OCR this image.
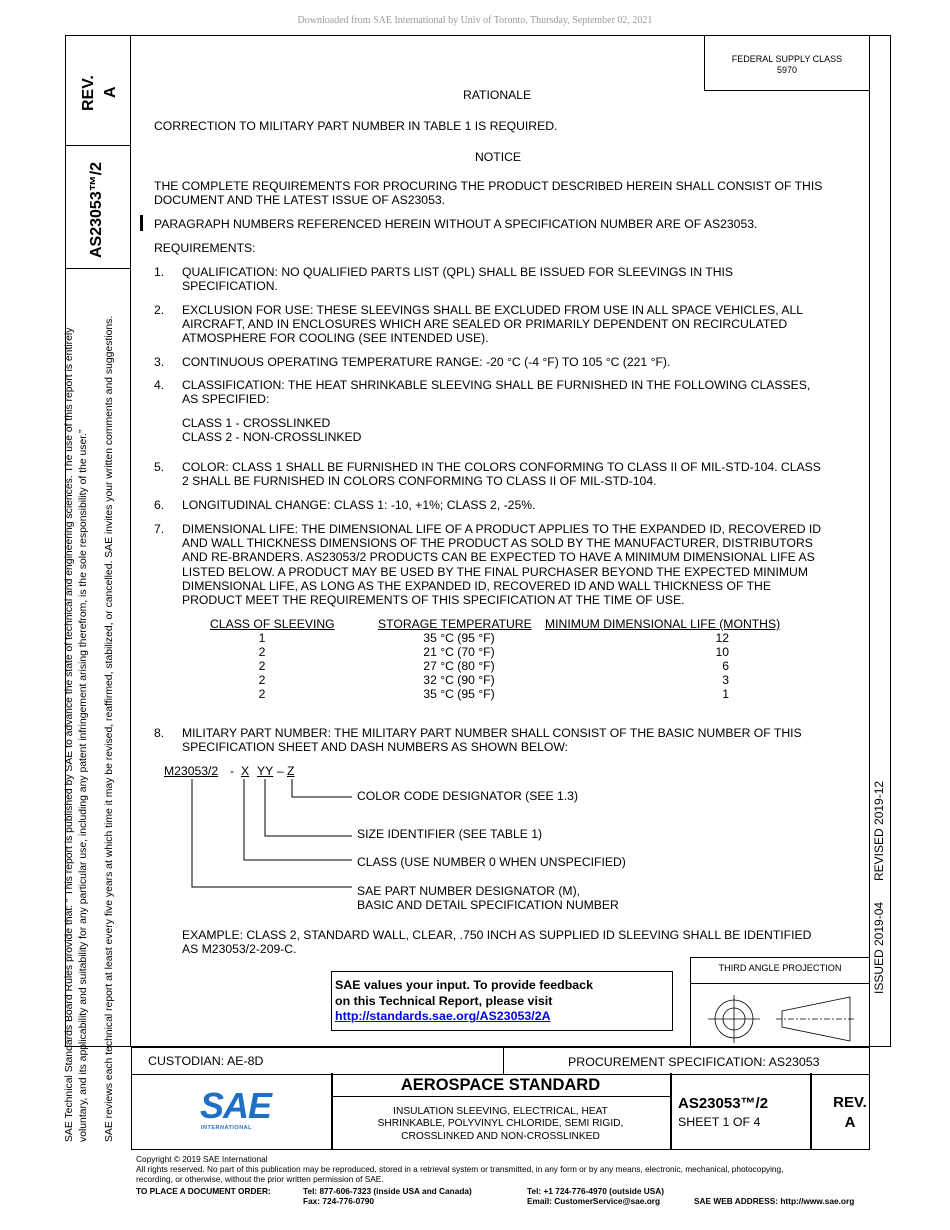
Downloaded from SAE International by Univ of Toronto, Thursday, September 02, 2021
REV. A
AS23053™/2
SAE Technical Standards Board Rules provide that: “ This report is published by SAE to advance the state of technical and engineering sciences. The use of this report is entirely voluntary, and its applicability and suitability for any particular use, including any patent infringement arising therefrom, is the sole responsibility of the user.” SAE reviews each technical report at least every five years at which time it may be revised, reaffirmed, stabilized, or cancelled. SAE invites your written comments and suggestions.	ISSUED 2019-04
REVISED 2019-12
FEDERAL SUPPLY CLASS
5970
RATIONALE
CORRECTION TO MILITARY PART NUMBER IN TABLE 1 IS REQUIRED.
NOTICE
THE COMPLETE REQUIREMENTS FOR PROCURING THE PRODUCT DESCRIBED HEREIN SHALL CONSIST OF THIS
DOCUMENT AND THE LATEST ISSUE OF AS23053.
PARAGRAPH NUMBERS REFERENCED HEREIN WITHOUT A SPECIFICATION NUMBER ARE OF AS23053.
REQUIREMENTS:
1.	QUALIFICATION: NO QUALIFIED PARTS LIST (QPL) SHALL BE ISSUED FOR SLEEVINGS IN THIS
SPECIFICATION.
2.	EXCLUSION FOR USE: THESE SLEEVINGS SHALL BE EXCLUDED FROM USE IN ALL SPACE VEHICLES, ALL
AIRCRAFT, AND IN ENCLOSURES WHICH ARE SEALED OR PRIMARILY DEPENDENT ON RECIRCULATED
ATMOSPHERE FOR COOLING (SEE INTENDED USE).
3.	CONTINUOUS OPERATING TEMPERATURE RANGE: -20 °C (-4 °F) TO 105 °C (221 °F).
4.	CLASSIFICATION: THE HEAT SHRINKABLE SLEEVING SHALL BE FURNISHED IN THE FOLLOWING CLASSES,
AS SPECIFIED:
CLASS 1 - CROSSLINKED
CLASS 2 - NON-CROSSLINKED
5.	COLOR: CLASS 1 SHALL BE FURNISHED IN THE COLORS CONFORMING TO CLASS II OF MIL-STD-104. CLASS
2 SHALL BE FURNISHED IN COLORS CONFORMING TO CLASS II OF MIL-STD-104.
6.	LONGITUDINAL CHANGE: CLASS 1: -10, +1%; CLASS 2, -25%.
7.	DIMENSIONAL LIFE: THE DIMENSIONAL LIFE OF A PRODUCT APPLIES TO THE EXPANDED ID, RECOVERED ID
AND WALL THICKNESS DIMENSIONS OF THE PRODUCT AS SOLD BY THE MANUFACTURER, DISTRIBUTORS
AND RE-BRANDERS. AS23053/2 PRODUCTS CAN BE EXPECTED TO HAVE A MINIMUM DIMENSIONAL LIFE AS
LISTED BELOW. A PRODUCT MAY BE USED BY THE FINAL PURCHASER BEYOND THE EXPECTED MINIMUM
DIMENSIONAL LIFE, AS LONG AS THE EXPANDED ID, RECOVERED ID AND WALL THICKNESS OF THE
PRODUCT MEET THE REQUIREMENTS OF THIS SPECIFICATION AT THE TIME OF USE.
CLASS OF SLEEVING	STORAGE TEMPERATURE	MINIMUM DIMENSIONAL LIFE (MONTHS)
1	35 °C (95 °F)	12
2	21 °C (70 °F)	10
2	27 °C (80 °F)	6
2	32 °C (90 °F)	3
2	35 °C (95 °F)	1
8.	MILITARY PART NUMBER: THE MILITARY PART NUMBER SHALL CONSIST OF THE BASIC NUMBER OF THIS
SPECIFICATION SHEET AND DASH NUMBERS AS SHOWN BELOW:
M23053/2 - X YY – Z
COLOR CODE DESIGNATOR (SEE 1.3)
SIZE IDENTIFIER (SEE TABLE 1)
CLASS (USE NUMBER 0 WHEN UNSPECIFIED)
SAE PART NUMBER DESIGNATOR (M),
BASIC AND DETAIL SPECIFICATION NUMBER
EXAMPLE: CLASS 2, STANDARD WALL, CLEAR, .750 INCH AS SUPPLIED ID SLEEVING SHALL BE IDENTIFIED
AS M23053/2-209-C.
SAE values your input. To provide feedback
on this Technical Report, please visit
http://standards.sae.org/AS23053/2A
THIRD ANGLE PROJECTION
CUSTODIAN: AE-8D	PROCUREMENT SPECIFICATION: AS23053
SAE
INTERNATIONAL
AEROSPACE STANDARD
INSULATION SLEEVING, ELECTRICAL, HEAT
SHRINKABLE, POLYVINYL CHLORIDE, SEMI RIGID,
CROSSLINKED AND NON-CROSSLINKED
AS23053™/2
SHEET 1 OF 4
REV.
A
Copyright © 2019 SAE International
All rights reserved. No part of this publication may be reproduced, stored in a retrieval system or transmitted, in any form or by any means, electronic, mechanical, photocopying,
recording, or otherwise, without the prior written permission of SAE.
TO PLACE A DOCUMENT ORDER:	Tel: 877-606-7323 (inside USA and Canada)
Fax: 724-776-0790
Tel: +1 724-776-4970 (outside USA)
Email: CustomerService@sae.org	SAE WEB ADDRESS: http://www.sae.org
